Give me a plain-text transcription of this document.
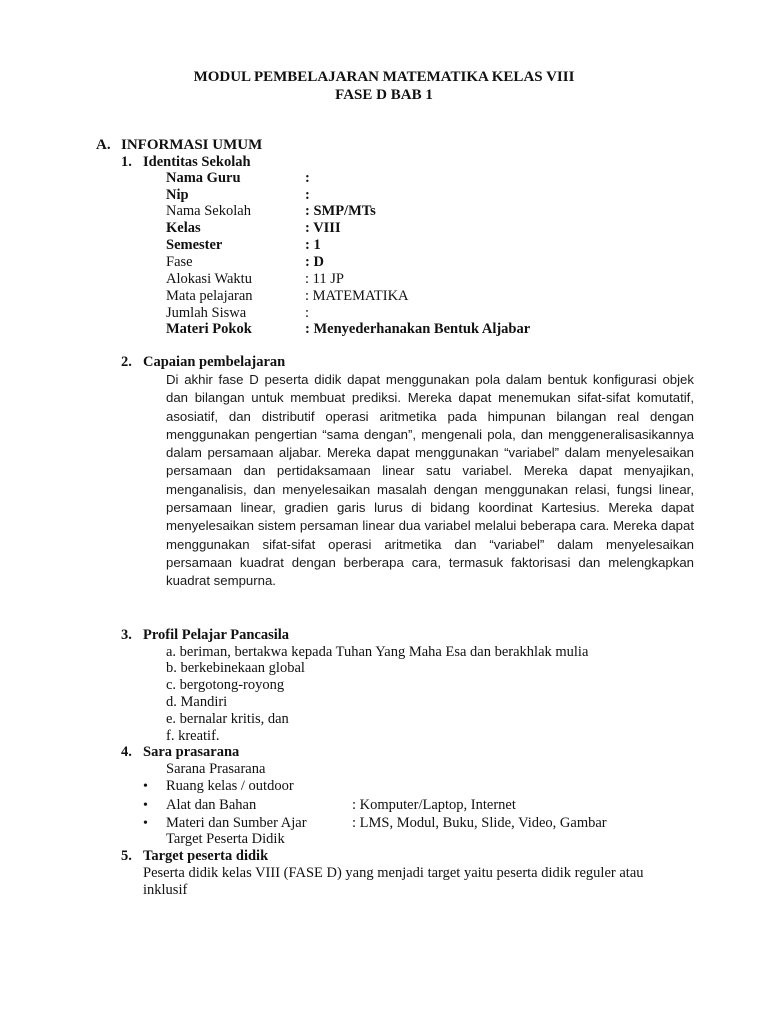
MODUL PEMBELAJARAN MATEMATIKA KELAS VIII
FASE D BAB 1
A. INFORMASI UMUM
1. Identitas Sekolah
Nama Guru	:
Nip	:
Nama Sekolah	: SMP/MTs
Kelas	: VIII
Semester	: 1
Fase	: D
Alokasi Waktu	: 11 JP
Mata pelajaran	: MATEMATIKA
Jumlah Siswa	:
Materi Pokok	: Menyederhanakan Bentuk Aljabar
2. Capaian pembelajaran
Di akhir fase D peserta didik dapat menggunakan pola dalam bentuk konfigurasi objek dan bilangan untuk membuat prediksi. Mereka dapat menemukan sifat-sifat komutatif, asosiatif, dan distributif operasi aritmetika pada himpunan bilangan real dengan menggunakan pengertian “sama dengan”, mengenali pola, dan menggeneralisasikannya dalam persamaan aljabar. Mereka dapat menggunakan “variabel” dalam menyelesaikan persamaan dan pertidaksamaan linear satu variabel. Mereka dapat menyajikan, menganalisis, dan menyelesaikan masalah dengan menggunakan relasi, fungsi linear, persamaan linear, gradien garis lurus di bidang koordinat Kartesius. Mereka dapat menyelesaikan sistem persaman linear dua variabel melalui beberapa cara. Mereka dapat menggunakan sifat-sifat operasi aritmetika dan “variabel” dalam menyelesaikan persamaan kuadrat dengan berberapa cara, termasuk faktorisasi dan melengkapkan kuadrat sempurna.
3. Profil Pelajar Pancasila
a. beriman, bertakwa kepada Tuhan Yang Maha Esa dan berakhlak mulia
b. berkebinekaan global
c. bergotong-royong
d. Mandiri
e. bernalar kritis, dan
f. kreatif.
4. Sara prasarana
Sarana Prasarana
• Ruang kelas / outdoor
• Alat dan Bahan	: Komputer/Laptop, Internet
• Materi dan Sumber Ajar	: LMS, Modul, Buku, Slide, Video, Gambar
Target Peserta Didik
5. Target peserta didik
Peserta didik kelas VIII (FASE D) yang menjadi target yaitu peserta didik reguler atau
inklusif
